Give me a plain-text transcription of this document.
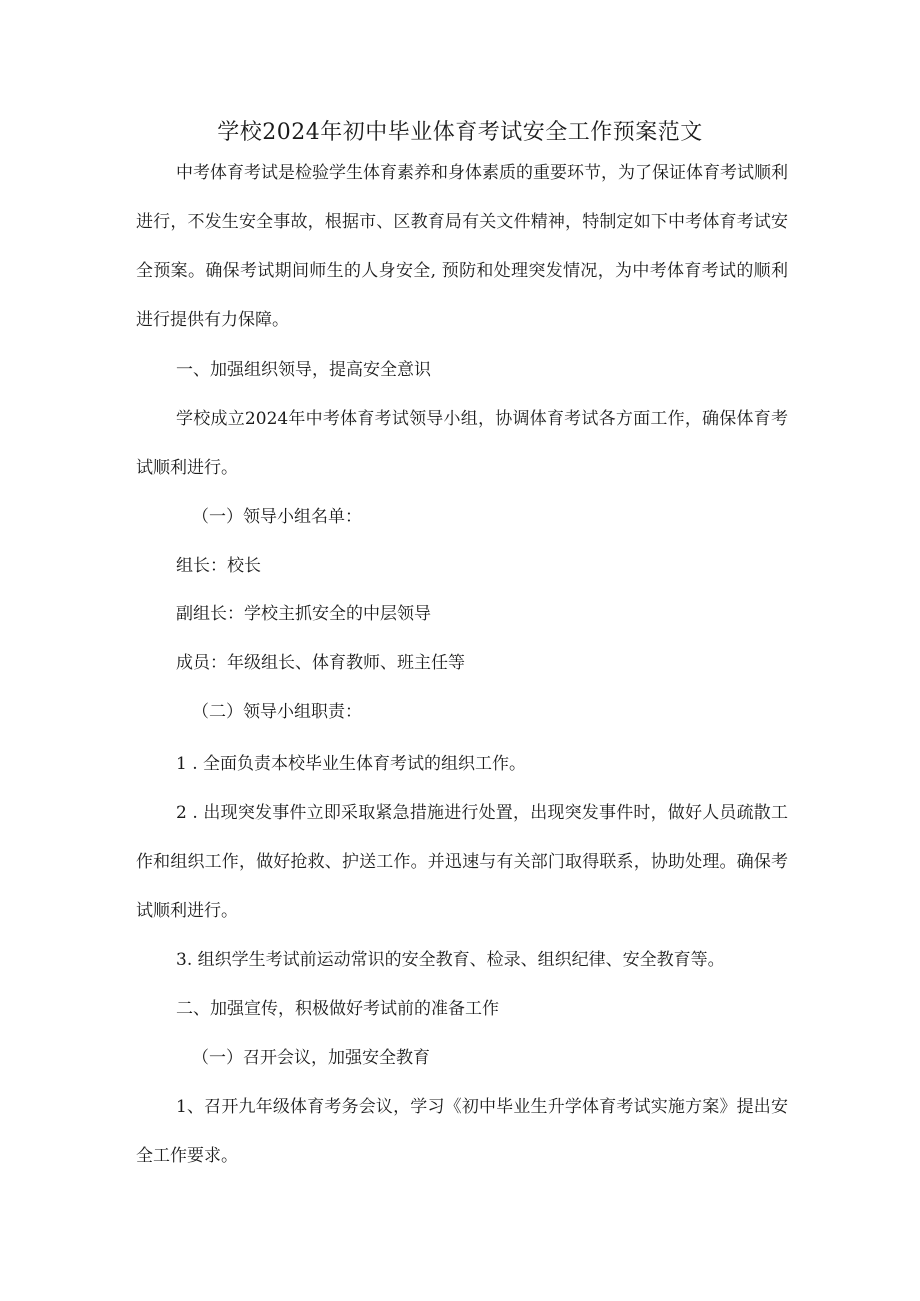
学校2024年初中毕业体育考试安全工作预案范文

中考体育考试是检验学生体育素养和身体素质的重要环节，为了保证体育考试顺利进行，不发生安全事故，根据市、区教育局有关文件精神，特制定如下中考体育考试安全预案。确保考试期间师生的人身安全, 预防和处理突发情况，为中考体育考试的顺利进行提供有力保障。

一、加强组织领导，提高安全意识

学校成立2024年中考体育考试领导小组，协调体育考试各方面工作，确保体育考试顺利进行。

（一）领导小组名单：

组长：校长

副组长：学校主抓安全的中层领导

成员：年级组长、体育教师、班主任等

（二）领导小组职责：

1 . 全面负责本校毕业生体育考试的组织工作。

2 . 出现突发事件立即采取紧急措施进行处置，出现突发事件时，做好人员疏散工作和组织工作，做好抢救、护送工作。并迅速与有关部门取得联系，协助处理。确保考试顺利进行。

3. 组织学生考试前运动常识的安全教育、检录、组织纪律、安全教育等。

二、加强宣传，积极做好考试前的准备工作

（一）召开会议，加强安全教育

1、召开九年级体育考务会议，学习《初中毕业生升学体育考试实施方案》提出安全工作要求。
